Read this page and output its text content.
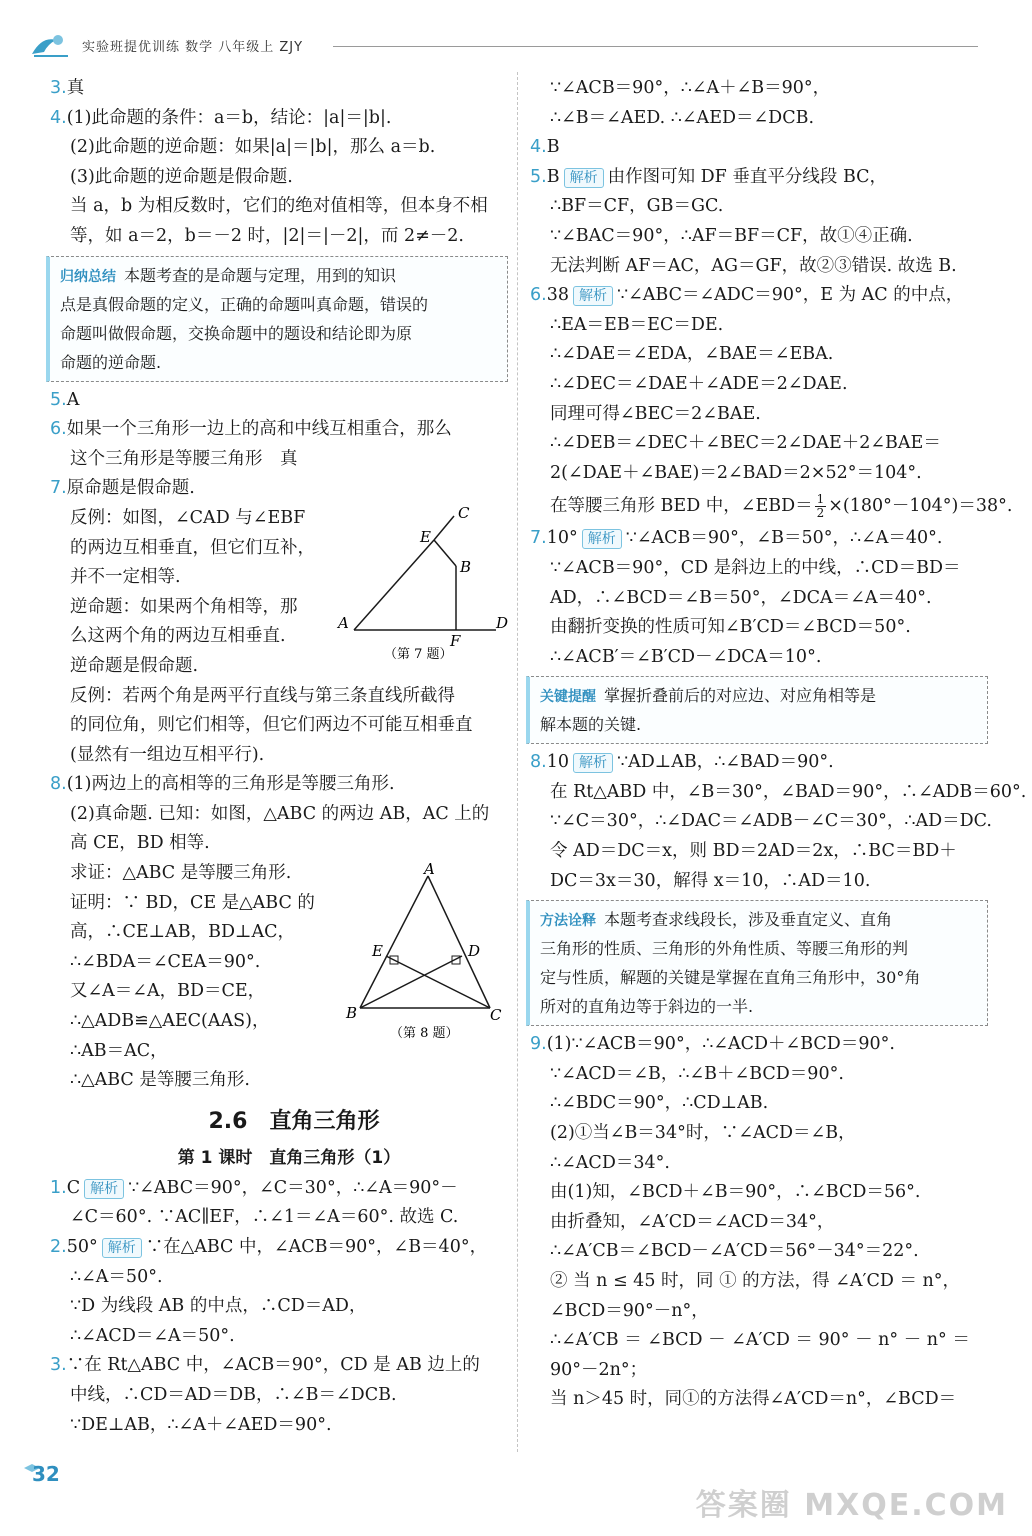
实验班提优训练 数学 八年级上 ZJY
3.真
4.(1)此命题的条件：a＝b，结论：|a|＝|b|.
(2)此命题的逆命题：如果|a|＝|b|，那么 a＝b.
(3)此命题的逆命题是假命题.
当 a，b 为相反数时，它们的绝对值相等，但本身不相
等，如 a＝2，b＝－2 时，|2|＝|－2|，而 2≠－2.
归纳总结 本题考查的是命题与定理，用到的知识
点是真假命题的定义，正确的命题叫真命题，错误的
命题叫做假命题，交换命题中的题设和结论即为原
命题的逆命题.
5.A
6.如果一个三角形一边上的高和中线互相重合，那么
这个三角形是等腰三角形　真
7.原命题是假命题.
反例：如图，∠CAD 与∠EBF
的两边互相垂直，但它们互补，
并不一定相等.
逆命题：如果两个角相等，那
么这两个角的两边互相垂直.
逆命题是假命题.
反例：若两个角是两平行直线与第三条直线所截得
的同位角，则它们相等，但它们两边不可能互相垂直
(显然有一组边互相平行).
8.(1)两边上的高相等的三角形是等腰三角形.
(2)真命题. 已知：如图，△ABC 的两边 AB，AC 上的
高 CE，BD 相等.
求证：△ABC 是等腰三角形.
证明：∵ BD，CE 是△ABC 的
高，∴CE⊥AB，BD⊥AC，
∴∠BDA＝∠CEA＝90°.
又∠A＝∠A，BD＝CE，
∴△ADB≌△AEC(AAS)，
∴AB＝AC，
∴△ABC 是等腰三角形.
2.6　直角三角形
第 1 课时　直角三角形（1）
1.C 解析 ∵∠ABC＝90°，∠C＝30°，∴∠A＝90°－
∠C＝60°. ∵AC∥EF，∴∠1＝∠A＝60°. 故选 C.
2.50° 解析 ∵在△ABC 中，∠ACB＝90°，∠B＝40°，
∴∠A＝50°.
∵D 为线段 AB 的中点，∴CD＝AD，
∴∠ACD＝∠A＝50°.
3.∵在 Rt△ABC 中，∠ACB＝90°，CD 是 AB 边上的
中线，∴CD＝AD＝DB，∴∠B＝∠DCB.
∵DE⊥AB，∴∠A＋∠AED＝90°.
A	D
C
E
B
F
（第 7 题）
A
B	C
E	D
（第 8 题）
∵∠ACB＝90°，∴∠A＋∠B＝90°，
∴∠B＝∠AED. ∴∠AED＝∠DCB.
4.B
5.B 解析 由作图可知 DF 垂直平分线段 BC，
∴BF＝CF，GB＝GC.
∵∠BAC＝90°，∴AF＝BF＝CF，故①④正确.
无法判断 AF＝AC，AG＝GF，故②③错误. 故选 B.
6.38 解析 ∵∠ABC＝∠ADC＝90°，E 为 AC 的中点，
∴EA＝EB＝EC＝DE.
∴∠DAE＝∠EDA，∠BAE＝∠EBA.
∴∠DEC＝∠DAE＋∠ADE＝2∠DAE.
同理可得∠BEC＝2∠BAE.
∴∠DEB＝∠DEC＋∠BEC＝2∠DAE＋2∠BAE＝
2(∠DAE＋∠BAE)＝2∠BAD＝2×52°＝104°.
在等腰三角形 BED 中，∠EBD＝ $\frac{1}{2} \times(180^\circ-104^\circ)=38^\circ$.
7.10° 解析 ∵∠ACB＝90°，∠B＝50°，∴∠A＝40°.
∵∠ACB＝90°，CD 是斜边上的中线，∴CD＝BD＝
AD，∴∠BCD＝∠B＝50°，∠DCA＝∠A＝40°.
由翻折变换的性质可知∠B′CD＝∠BCD＝50°.
∴∠ACB′＝∠B′CD－∠DCA＝10°.
关键提醒 掌握折叠前后的对应边、对应角相等是
解本题的关键.
8.10 解析 ∵AD⊥AB，∴∠BAD＝90°.
在 Rt△ABD 中，∠B＝30°，∠BAD＝90°，∴∠ADB＝60°.
∵∠C＝30°，∴∠DAC＝∠ADB－∠C＝30°，∴AD＝DC.
令 AD＝DC＝x，则 BD＝2AD＝2x，∴BC＝BD＋
DC＝3x＝30，解得 x＝10，∴AD＝10.
方法诠释 本题考查求线段长，涉及垂直定义、直角
三角形的性质、三角形的外角性质、等腰三角形的判
定与性质，解题的关键是掌握在直角三角形中，30°角
所对的直角边等于斜边的一半.
9.(1)∵∠ACB＝90°，∴∠ACD＋∠BCD＝90°.
∵∠ACD＝∠B，∴∠B＋∠BCD＝90°.
∴∠BDC＝90°，∴CD⊥AB.
(2)①当∠B＝34°时，∵∠ACD＝∠B，
∴∠ACD＝34°.
由(1)知，∠BCD＋∠B＝90°，∴∠BCD＝56°.
由折叠知，∠A′CD＝∠ACD＝34°，
∴∠A′CB＝∠BCD－∠A′CD＝56°－34°＝22°.
② 当 n ≤ 45 时，同 ① 的方法，得 ∠A′CD ＝ n°，
∠BCD＝90°－n°，
∴∠A′CB ＝ ∠BCD － ∠A′CD ＝ 90° － n° － n° ＝
90°－2n°；
当 n＞45 时，同①的方法得∠A′CD＝n°，∠BCD＝
32
答案圈 MXQE.COM
